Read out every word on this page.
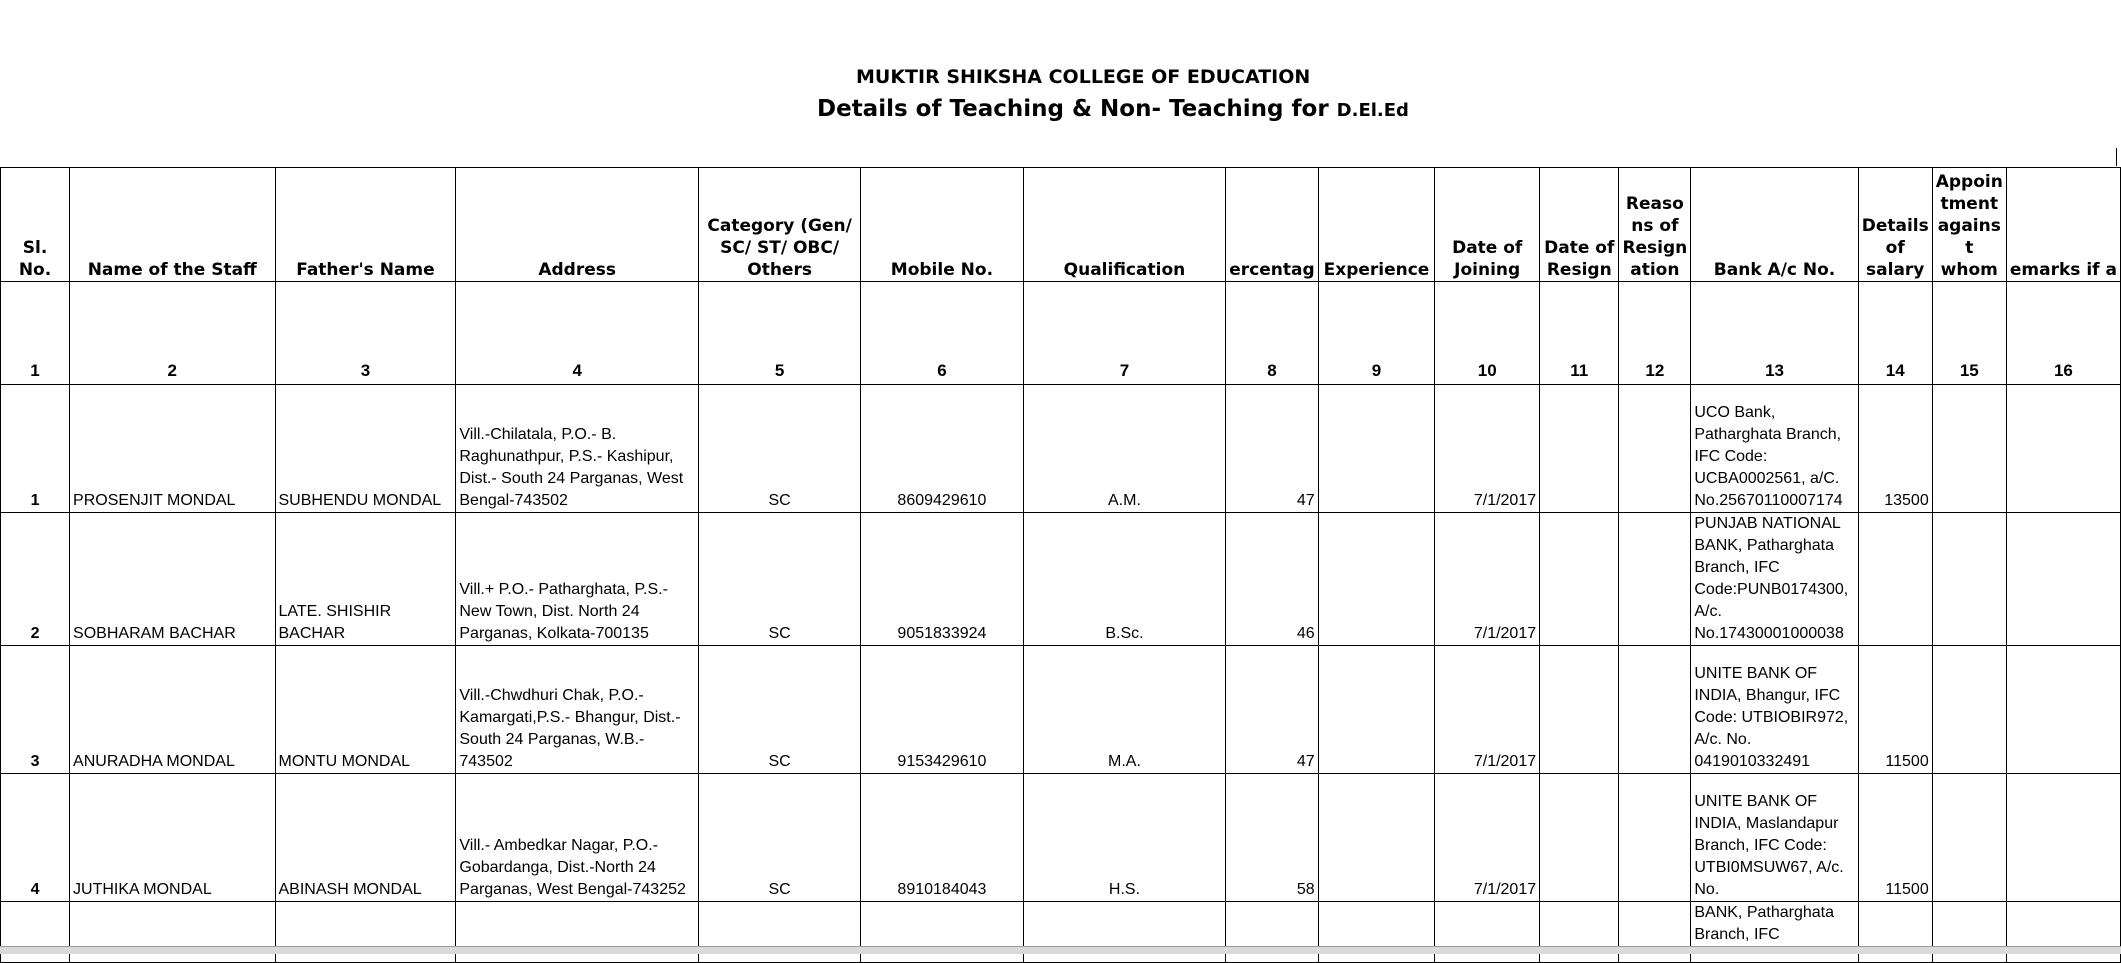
MUKTIR SHIKSHA COLLEGE OF EDUCATION
Details of Teaching & Non- Teaching for D.El.Ed
Sl. No.	Name of the Staff	Father's Name	Address	Category (Gen/ SC/ ST/ OBC/ Others	Mobile No.	Qualification	ercentag	Experience	Date of Joining	Date of Resign	Reaso ns of Resign ation	Bank A/c No.	Details of salary	Appoin tment agains t whom	emarks if a
1	2	3	4	5	6	7	8	9	10	11	12	13	14	15	16
1	PROSENJIT MONDAL	SUBHENDU MONDAL	Vill.-Chilatala, P.O.- B. Raghunathpur, P.S.- Kashipur, Dist.- South 24 Parganas, West Bengal-743502	SC	8609429610	A.M.	47		7/1/2017			UCO Bank, Patharghata Branch, IFC Code: UCBA0002561, a/C. No.25670110007174	13500		
2	SOBHARAM BACHAR	LATE. SHISHIR BACHAR	Vill.+ P.O.- Patharghata, P.S.- New Town, Dist. North 24 Parganas, Kolkata-700135	SC	9051833924	B.Sc.	46		7/1/2017			PUNJAB NATIONAL BANK, Patharghata Branch, IFC Code:PUNB0174300, A/c. No.17430001000038			
3	ANURADHA MONDAL	MONTU MONDAL	Vill.-Chwdhuri Chak, P.O.- Kamargati,P.S.- Bhangur, Dist.- South 24 Parganas, W.B.- 743502	SC	9153429610	M.A.	47		7/1/2017			UNITE BANK OF INDIA, Bhangur, IFC Code: UTBIOBIR972, A/c. No. 0419010332491	11500		
4	JUTHIKA MONDAL	ABINASH MONDAL	Vill.- Ambedkar Nagar, P.O.- Gobardanga, Dist.-North 24 Parganas, West Bengal-743252	SC	8910184043	H.S.	58		7/1/2017			UNITE BANK OF INDIA, Maslandapur Branch, IFC Code: UTBI0MSUW67, A/c. No.	11500		
												BANK, Patharghata Branch, IFC			
